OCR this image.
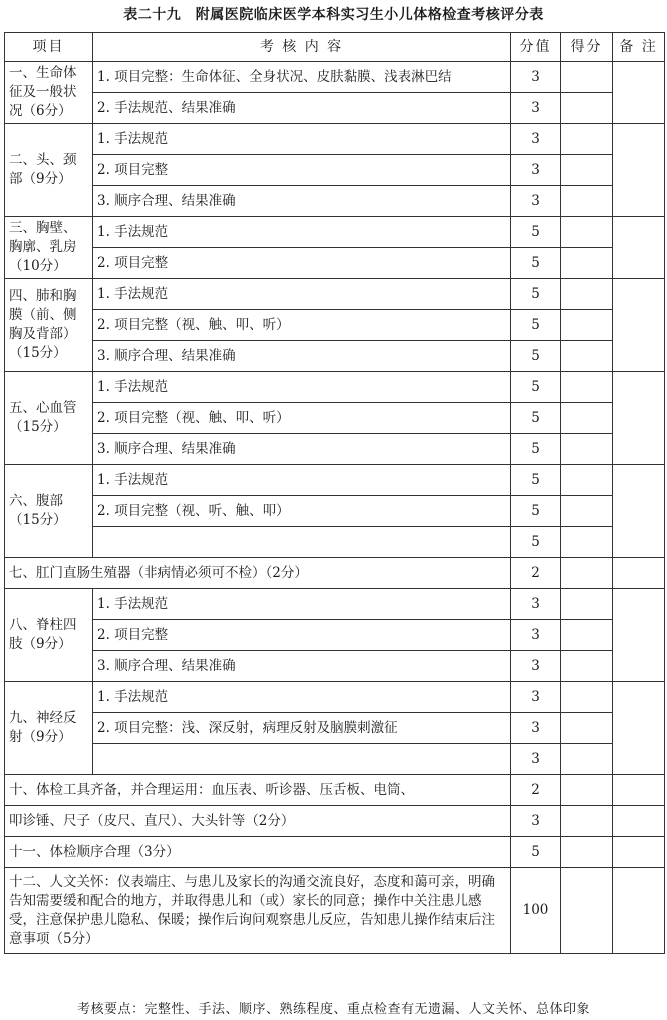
表二十九　附属医院临床医学本科实习生小儿体格检查考核评分表
项目	考 核 内 容	分值	得分	备 注
一、生命体征及一般状况（6分）	1. 项目完整：生命体征、全身状况、皮肤黏膜、浅表淋巴结	3		
	2. 手法规范、结果准确	3		
二、头、颈部（9分）	1. 手法规范	3		
	2. 项目完整	3		
	3. 顺序合理、结果准确	3		
三、胸壁、胸廓、乳房（10分）	1. 手法规范	5		
	2. 项目完整	5		
四、肺和胸膜（前、侧胸及背部）（15分）	1. 手法规范	5		
	2. 项目完整（视、触、叩、听）	5		
	3. 顺序合理、结果准确	5		
五、心血管（15分）	1. 手法规范	5		
	2. 项目完整（视、触、叩、听）	5		
	3. 顺序合理、结果准确	5		
六、腹部（15分）	1. 手法规范	5		
	2. 项目完整（视、听、触、叩）	5		
		5		
七、肛门直肠生殖器（非病情必须可不检）（2分）		2		
八、脊柱四肢（9分）	1. 手法规范	3		
	2. 项目完整	3		
	3. 顺序合理、结果准确	3		
九、神经反射（9分）	1. 手法规范	3		
	2. 项目完整：浅、深反射，病理反射及脑膜刺激征	3		
		3		
十、体检工具齐备，并合理运用：血压表、听诊器、压舌板、电筒、		2		
叩诊锤、尺子（皮尺、直尺）、大头针等（2分）		3		
十一、体检顺序合理（3分）		5		
十二、人文关怀：仪表端庄、与患儿及家长的沟通交流良好，态度和蔼可亲，明确告知需要缓和配合的地方，并取得患儿和（或）家长的同意；操作中关注患儿感受，注意保护患儿隐私、保暖；操作后询问观察患儿反应，告知患儿操作结束后注意事项（5分）		100		
考核要点：完整性、手法、顺序、熟练程度、重点检查有无遗漏、人文关怀、总体印象
